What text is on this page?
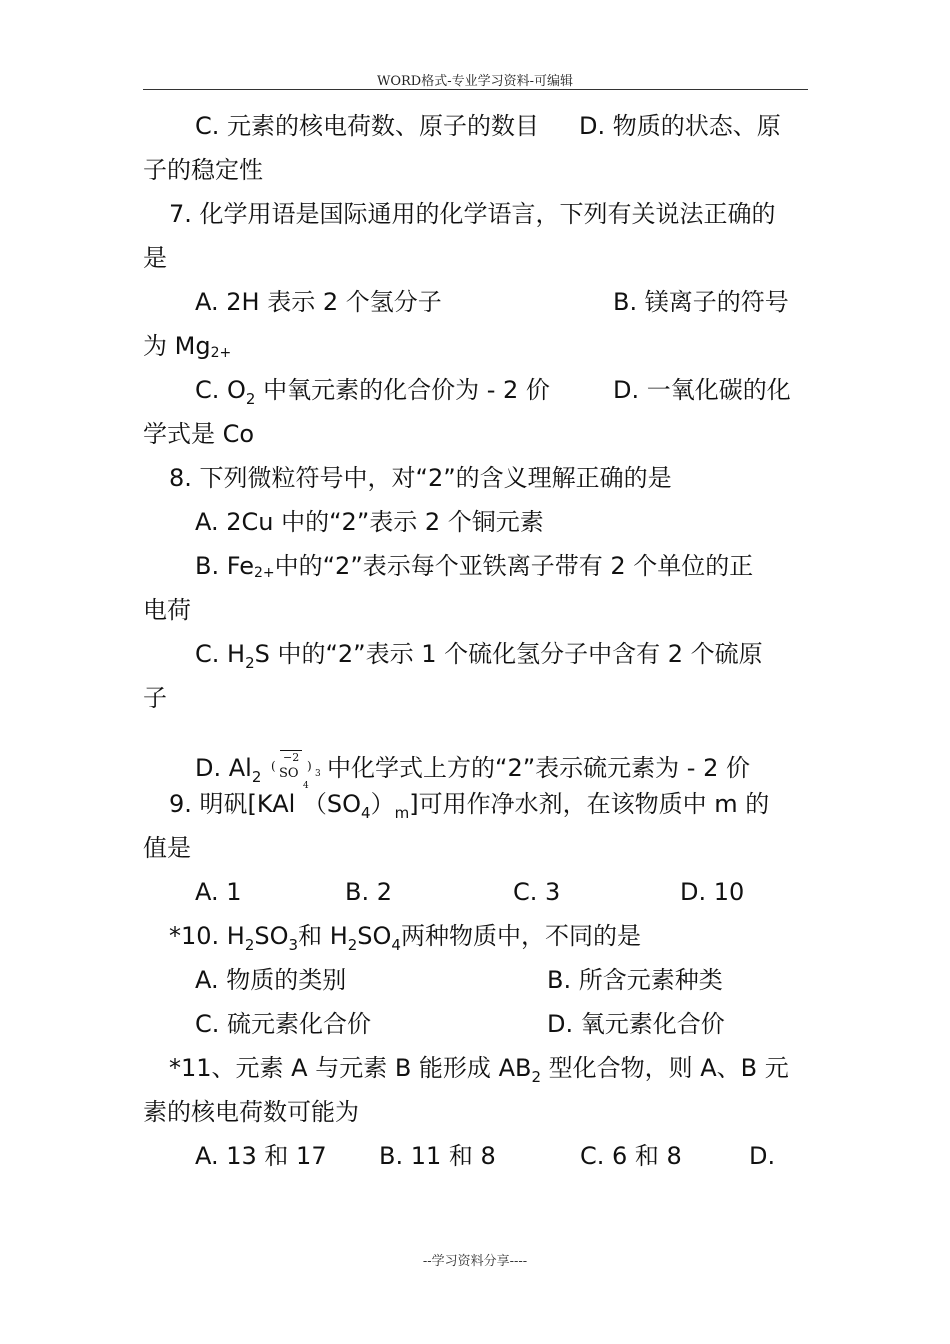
WORD格式-专业学习资料-可编辑
C. 元素的核电荷数、原子的数目 D. 物质的状态、原
子的稳定性
7. 化学用语是国际通用的化学语言，下列有关说法正确的
是
A. 2H 表示 2 个氢分子	B. 镁离子的符号
为 $Mg_{2+}$
C. $O_2$ 中氧元素的化合价为 - 2 价	D. 一氧化碳的化
学式是 Co
8. 下列微粒符号中，对“2”的含义理解正确的是
A. 2Cu 中的“2”表示 2 个铜元素
B. $Fe_{2+}$中的“2”表示每个亚铁离子带有 2 个单位的正
电荷
C. $H_2S$ 中的“2”表示 1 个硫化氢分子中含有 2 个硫原
子
D. $Al_2$
(
−2
SO
4
)
3 中化学式上方的“2”表示硫元素为 - 2 价
9. 明矾[KAl $(SO_4)_m$]可用作净水剂，在该物质中 m 的
值是
A. 1	B. 2	C. 3	D. 10
*10. $H_2SO_3$和 $H_2SO_4$两种物质中，不同的是
A. 物质的类别	B. 所含元素种类
C. 硫元素化合价	D. 氧元素化合价
*11、元素 A 与元素 B 能形成 $AB_2$ 型化合物，则 A、B 元
素的核电荷数可能为
A. 13 和 17 B. 11 和 8	C. 6 和 8	D.
--学习资料分享----
